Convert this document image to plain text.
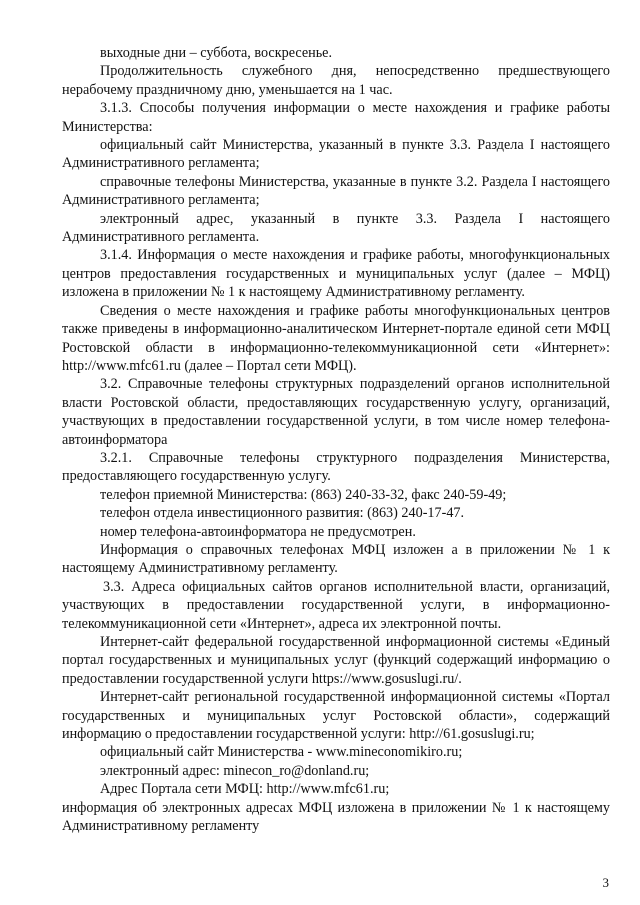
выходные дни – суббота, воскресенье.

Продолжительность служебного дня, непосредственно предшествующего нерабочему праздничному дню, уменьшается на 1 час.

3.1.3. Способы получения информации о месте нахождения и графике работы Министерства:

официальный сайт Министерства, указанный в пункте 3.3. Раздела I настоящего Административного регламента;

справочные телефоны Министерства, указанные в пункте 3.2. Раздела I настоящего Административного регламента;

электронный адрес, указанный в пункте 3.3. Раздела I настоящего Административного регламента.

3.1.4. Информация о месте нахождения и графике работы, многофункциональных центров предоставления государственных и муниципальных услуг (далее – МФЦ) изложена в приложении № 1 к настоящему Административному регламенту.

Сведения о месте нахождения и графике работы многофункциональных центров также приведены в информационно-аналитическом Интернет-портале единой сети МФЦ Ростовской области в информационно-телекоммуникационной сети «Интернет»: http://www.mfc61.ru (далее – Портал сети МФЦ).

3.2. Справочные телефоны структурных подразделений органов исполнительной власти Ростовской области, предоставляющих государственную услугу, организаций, участвующих в предоставлении государственной услуги, в том числе номер телефона-автоинформатора

3.2.1. Справочные телефоны структурного подразделения Министерства, предоставляющего государственную услугу.

телефон приемной Министерства: (863) 240-33-32, факс 240-59-49;

телефон отдела инвестиционного развития: (863) 240-17-47.

номер телефона-автоинформатора не предусмотрен.

Информация о справочных телефонах МФЦ изложен а в приложении № 1 к настоящему Административному регламенту.

3.3. Адреса официальных сайтов органов исполнительной власти, организаций, участвующих в предоставлении государственной услуги, в информационно-телекоммуникационной сети «Интернет», адреса их электронной почты.

Интернет-сайт федеральной государственной информационной системы «Единый портал государственных и муниципальных услуг (функций содержащий информацию о предоставлении государственной услуги https://www.gosuslugi.ru/.

Интернет-сайт региональной государственной информационной системы «Портал государственных и муниципальных услуг Ростовской области», содержащий информацию о предоставлении государственной услуги: http://61.gosuslugi.ru;

официальный сайт Министерства - www.mineconomikiro.ru;

электронный адрес: minecon_ro@donland.ru;

Адрес Портала сети МФЦ: http://www.mfc61.ru;

информация об электронных адресах МФЦ изложена в приложении № 1 к настоящему Административному регламенту

3
